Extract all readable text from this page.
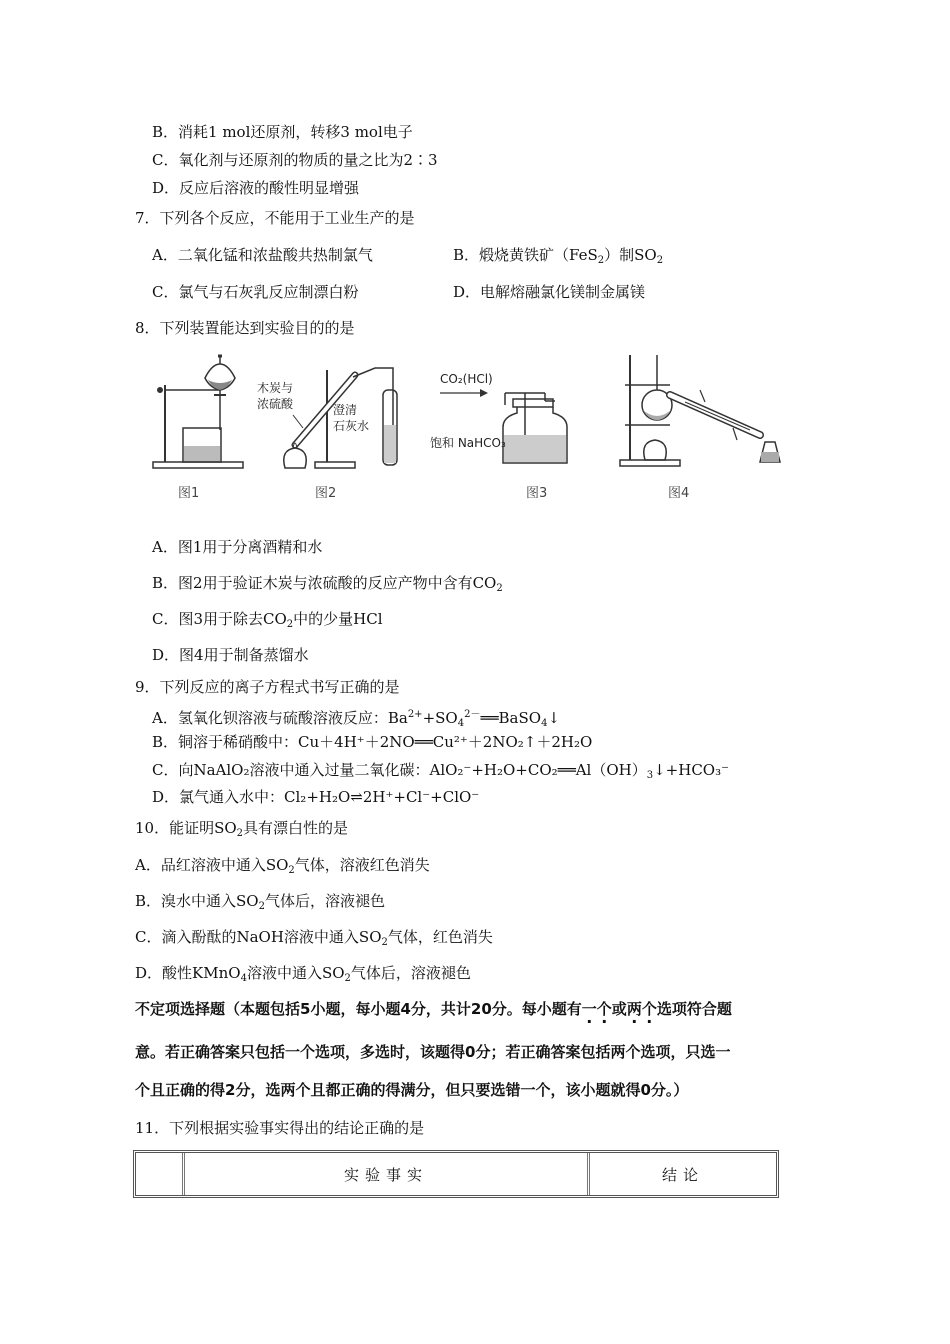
B．消耗1 mol还原剂，转移3 mol电子
C．氧化剂与还原剂的物质的量之比为2∶3
D．反应后溶液的酸性明显增强
7．下列各个反应，不能用于工业生产的是
A．二氧化锰和浓盐酸共热制氯气	B．煅烧黄铁矿（FeS$_2$）制$SO_2$
C．氯气与石灰乳反应制漂白粉	D．电解熔融氯化镁制金属镁
8．下列装置能达到实验目的的是
图1
木炭与
浓硫酸	澄清
石灰水
图2
CO₂(HCl)
饱和 NaHCO₃
图3	图4
A．图1用于分离酒精和水
B．图2用于验证木炭与浓硫酸的反应产物中含有$CO_2$
C．图3用于除去$CO_2$中的少量HCl
D．图4用于制备蒸馏水
9．下列反应的离子方程式书写正确的是
A．氢氧化钡溶液与硫酸溶液反应：$Ba^{2+}+SO_4^{2-}══BaSO_4↓$
B．铜溶于稀硝酸中：Cu＋4H⁺＋2NO══Cu²⁺＋2NO₂↑＋2H₂O
C．向NaAlO₂溶液中通入过量二氧化碳：$AlO_2^-+H_2O+CO_2══Al(OH)_3↓+HCO_3^-$
D．氯气通入水中：Cl₂+H₂O⇌2H⁺+Cl⁻+ClO⁻
10．能证明$SO_2$具有漂白性的是
A．品红溶液中通入$SO_2$气体，溶液红色消失
B．溴水中通入$SO_2$气体后，溶液褪色
C．滴入酚酞的NaOH溶液中通入$SO_2$气体，红色消失
D．酸性KMnO$_4$溶液中通入$SO_2$气体后，溶液褪色
不定项选择题（本题包括5小题，每小题4分，共计20分。每小题有一个或两个选项符合题
意。若正确答案只包括一个选项，多选时，该题得0分；若正确答案包括两个选项，只选一
个且正确的得2分，选两个且都正确的得满分，但只要选错一个，该小题就得0分。）
11．下列根据实验事实得出的结论正确的是
	实验事实	结论
